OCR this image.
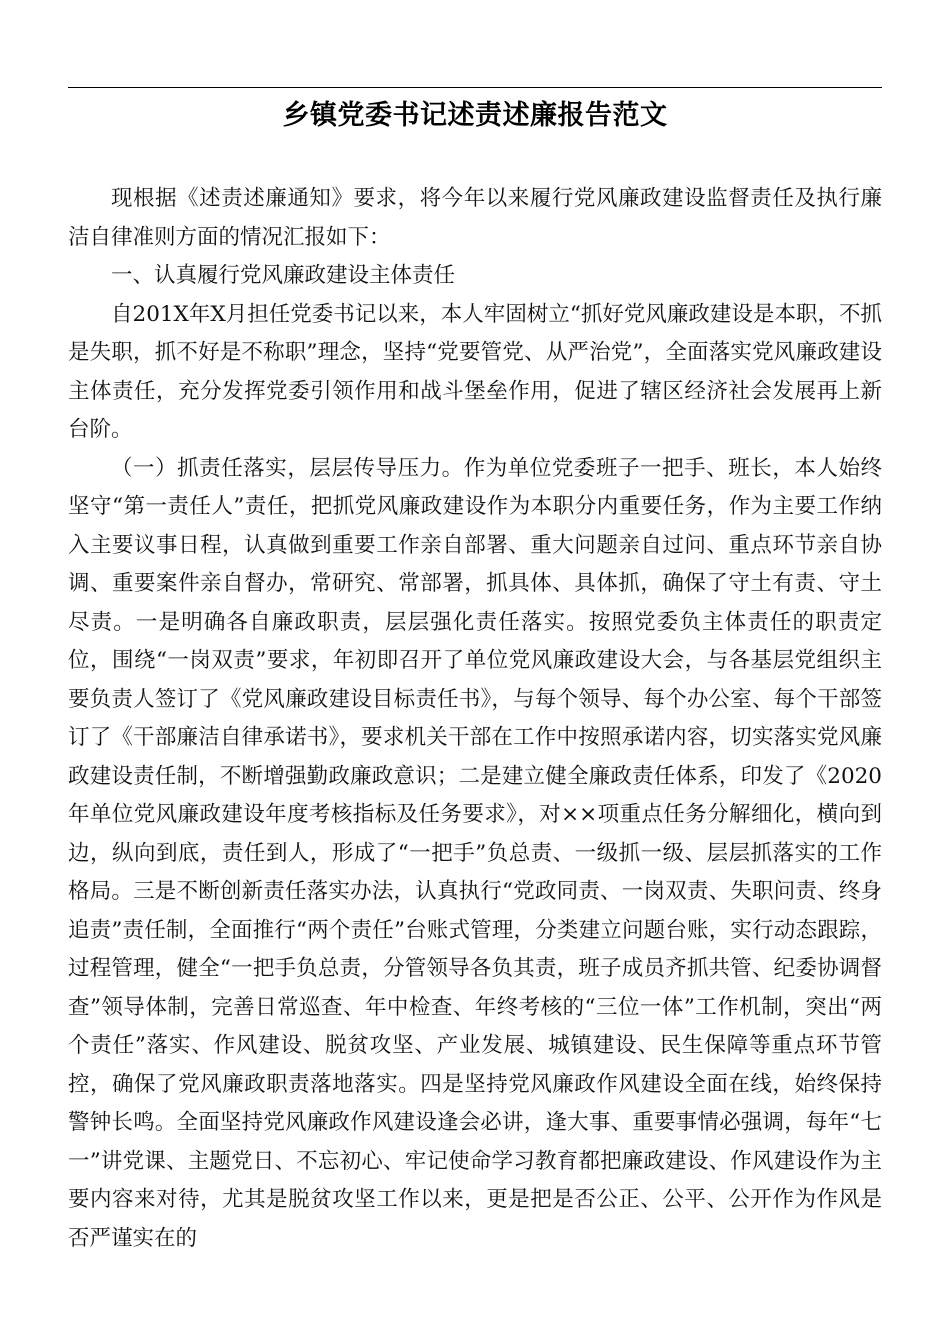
乡镇党委书记述责述廉报告范文

现根据《述责述廉通知》要求，将今年以来履行党风廉政建设监督责任及执行廉洁自律准则方面的情况汇报如下：

一、认真履行党风廉政建设主体责任

自201X年X月担任党委书记以来，本人牢固树立“抓好党风廉政建设是本职，不抓是失职，抓不好是不称职”理念，坚持“党要管党、从严治党”，全面落实党风廉政建设主体责任，充分发挥党委引领作用和战斗堡垒作用，促进了辖区经济社会发展再上新台阶。

（一）抓责任落实，层层传导压力。作为单位党委班子一把手、班长，本人始终坚守“第一责任人”责任，把抓党风廉政建设作为本职分内重要任务，作为主要工作纳入主要议事日程，认真做到重要工作亲自部署、重大问题亲自过问、重点环节亲自协调、重要案件亲自督办，常研究、常部署，抓具体、具体抓，确保了守土有责、守土尽责。一是明确各自廉政职责，层层强化责任落实。按照党委负主体责任的职责定位，围绕“一岗双责”要求，年初即召开了单位党风廉政建设大会，与各基层党组织主要负责人签订了《党风廉政建设目标责任书》，与每个领导、每个办公室、每个干部签订了《干部廉洁自律承诺书》，要求机关干部在工作中按照承诺内容，切实落实党风廉政建设责任制，不断增强勤政廉政意识；二是建立健全廉政责任体系，印发了《2020年单位党风廉政建设年度考核指标及任务要求》，对××项重点任务分解细化，横向到边，纵向到底，责任到人，形成了“一把手”负总责、一级抓一级、层层抓落实的工作格局。三是不断创新责任落实办法，认真执行“党政同责、一岗双责、失职问责、终身追责”责任制，全面推行“两个责任”台账式管理，分类建立问题台账，实行动态跟踪，过程管理，健全“一把手负总责，分管领导各负其责，班子成员齐抓共管、纪委协调督查”领导体制，完善日常巡查、年中检查、年终考核的“三位一体”工作机制，突出“两个责任”落实、作风建设、脱贫攻坚、产业发展、城镇建设、民生保障等重点环节管控，确保了党风廉政职责落地落实。四是坚持党风廉政作风建设全面在线，始终保持警钟长鸣。全面坚持党风廉政作风建设逢会必讲，逢大事、重要事情必强调，每年“七一”讲党课、主题党日、不忘初心、牢记使命学习教育都把廉政建设、作风建设作为主要内容来对待，尤其是脱贫攻坚工作以来，更是把是否公正、公平、公开作为作风是否严谨实在的
